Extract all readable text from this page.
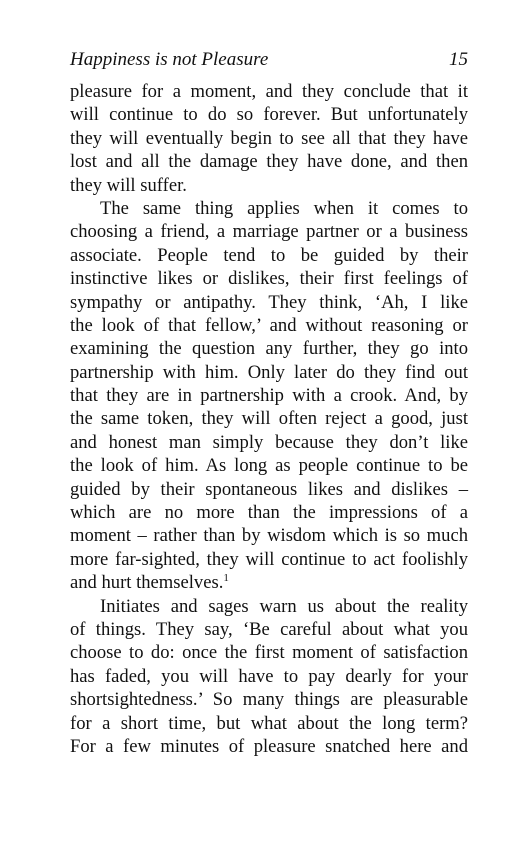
Happiness is not Pleasure	15
pleasure for a moment, and they conclude that it
will continue to do so forever. But unfortunately
they will eventually begin to see all that they have
lost and all the damage they have done, and then
they will suffer.
The same thing applies when it comes to
choosing a friend, a marriage partner or a business
associate. People tend to be guided by their
instinctive likes or dislikes, their first feelings of
sympathy or antipathy. They think, ‘Ah, I like
the look of that fellow,’ and without reasoning or
examining the question any further, they go into
partnership with him. Only later do they find out
that they are in partnership with a crook. And, by
the same token, they will often reject a good, just
and honest man simply because they don’t like
the look of him. As long as people continue to be
guided by their spontaneous likes and dislikes –
which are no more than the impressions of a
moment – rather than by wisdom which is so much
more far-sighted, they will continue to act foolishly
and hurt themselves.$^1$
Initiates and sages warn us about the reality
of things. They say, ‘Be careful about what you
choose to do: once the first moment of satisfaction
has faded, you will have to pay dearly for your
shortsightedness.’ So many things are pleasurable
for a short time, but what about the long term?
For a few minutes of pleasure snatched here and
